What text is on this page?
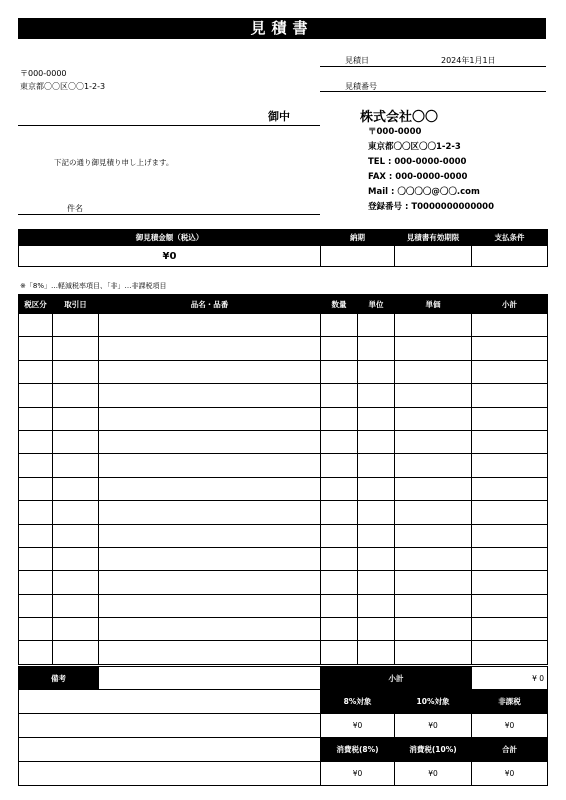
見積書
見積日	2024年1月1日
見積番号
〒000-0000
東京都〇〇区〇〇1-2-3
御中
下記の通り御見積り申し上げます。
件名
株式会社〇〇
〒000-0000
東京都〇〇区〇〇1-2-3
TEL : 000-0000-0000
FAX : 000-0000-0000
Mail : 〇〇〇〇@〇〇.com
登録番号 : T0000000000000
御見積金額（税込）	納期	見積書有効期限	支払条件
¥0			
※「8%」…軽減税率項目、「非」…非課税項目
税区分	取引日	品名・品番	数量	単位	単価	小計

備考		小計		¥ 0
		8%対象	10%対象	非課税
		¥0	¥0	¥0
		消費税(8%)	消費税(10%)	合計
		¥0	¥0	¥0
